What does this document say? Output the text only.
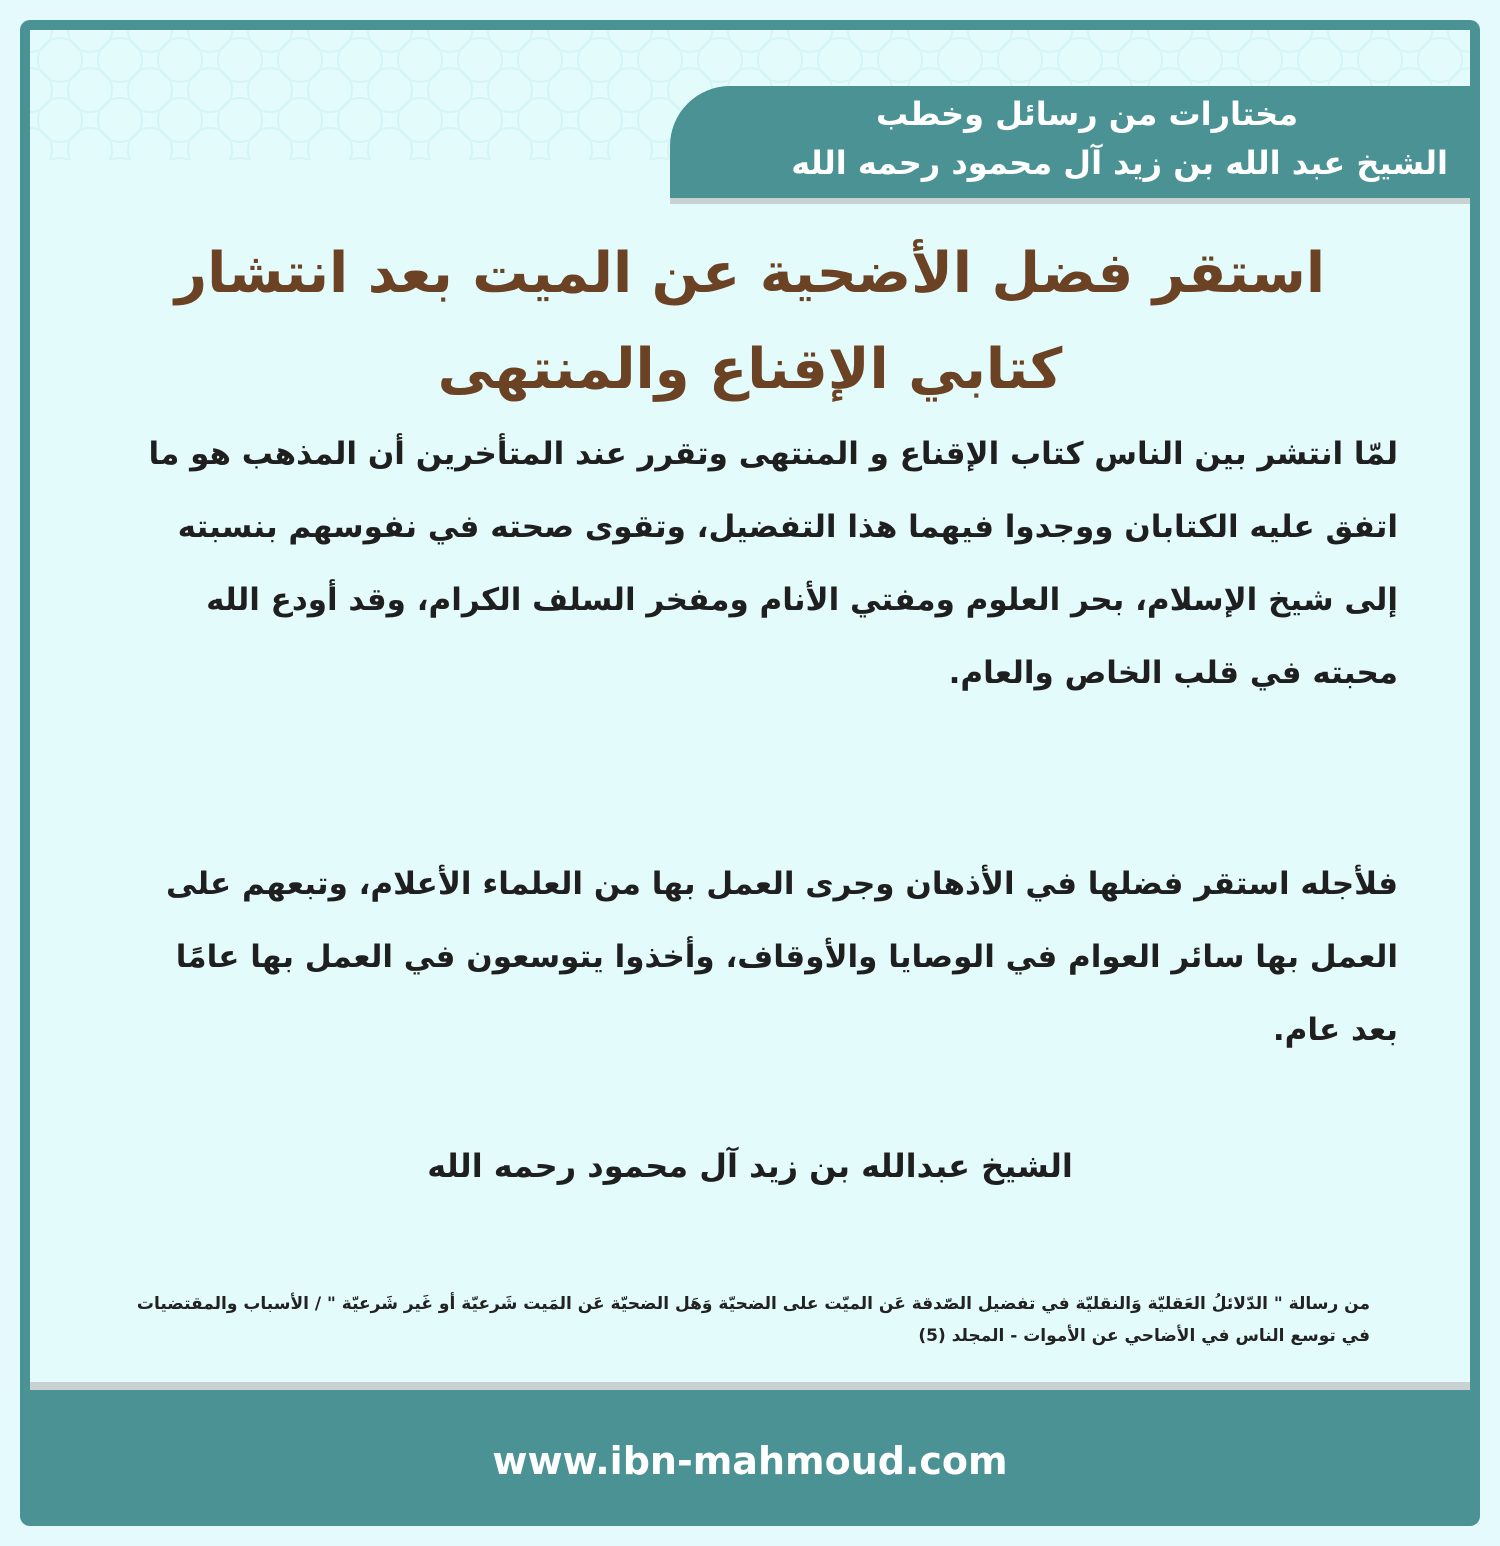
مختارات من رسائل وخطب
الشيخ عبد الله بن زيد آل محمود رحمه الله
استقر فضل الأضحية عن الميت بعد انتشار
كتابي الإقناع والمنتهى
لمّا انتشر بين الناس كتاب الإقناع و المنتهى وتقرر عند المتأخرين أن المذهب هو ما اتفق عليه الكتابان ووجدوا فيهما هذا التفضيل، وتقوى صحته في نفوسهم بنسبته إلى شيخ الإسلام، بحر العلوم ومفتي الأنام ومفخر السلف الكرام، وقد أودع الله محبته في قلب الخاص والعام.
فلأجله استقر فضلها في الأذهان وجرى العمل بها من العلماء الأعلام، وتبعهم على العمل بها سائر العوام في الوصايا والأوقاف، وأخذوا يتوسعون في العمل بها عامًا بعد عام.
الشيخ عبدالله بن زيد آل محمود رحمه الله
من رسالة " الدّلائلُ العَقليّة وَالنقليّة في تفضيل الصّدقة عَن الميّت على الضحيّة وَهَل الضحيّة عَن المَيت شَرعيّة أو غَير شَرعيّة " / الأسباب والمقتضيات في توسع الناس في الأضاحي عن الأموات - المجلد (5)
www.ibn-mahmoud.com
